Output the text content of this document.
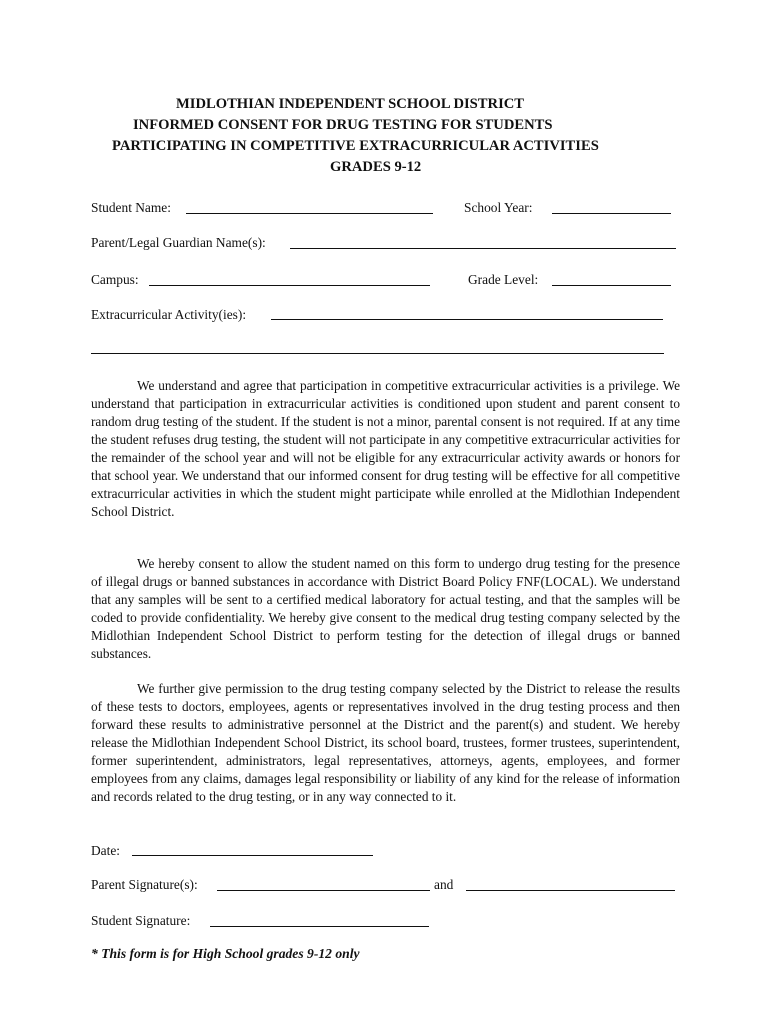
MIDLOTHIAN INDEPENDENT SCHOOL DISTRICT
INFORMED CONSENT FOR DRUG TESTING FOR STUDENTS
PARTICIPATING IN COMPETITIVE EXTRACURRICULAR ACTIVITIES
GRADES 9-12
Student Name:	School Year:
Parent/Legal Guardian Name(s):
Campus:	Grade Level:
Extracurricular Activity(ies):

We understand and agree that participation in competitive extracurricular activities is a privilege. We understand that participation in extracurricular activities is conditioned upon student and parent consent to random drug testing of the student. If the student is not a minor, parental consent is not required. If at any time the student refuses drug testing, the student will not participate in any competitive extracurricular activities for the remainder of the school year and will not be eligible for any extracurricular activity awards or honors for that school year. We understand that our informed consent for drug testing will be effective for all competitive extracurricular activities in which the student might participate while enrolled at the Midlothian Independent School District.

We hereby consent to allow the student named on this form to undergo drug testing for the presence of illegal drugs or banned substances in accordance with District Board Policy FNF(LOCAL). We understand that any samples will be sent to a certified medical laboratory for actual testing, and that the samples will be coded to provide confidentiality. We hereby give consent to the medical drug testing company selected by the Midlothian Independent School District to perform testing for the detection of illegal drugs or banned substances.

We further give permission to the drug testing company selected by the District to release the results of these tests to doctors, employees, agents or representatives involved in the drug testing process and then forward these results to administrative personnel at the District and the parent(s) and student. We hereby release the Midlothian Independent School District, its school board, trustees, former trustees, superintendent, former superintendent, administrators, legal representatives, attorneys, agents, employees, and former employees from any claims, damages legal responsibility or liability of any kind for the release of information and records related to the drug testing, or in any way connected to it.

Date:
Parent Signature(s):	and
Student Signature:
* This form is for High School grades 9-12 only
